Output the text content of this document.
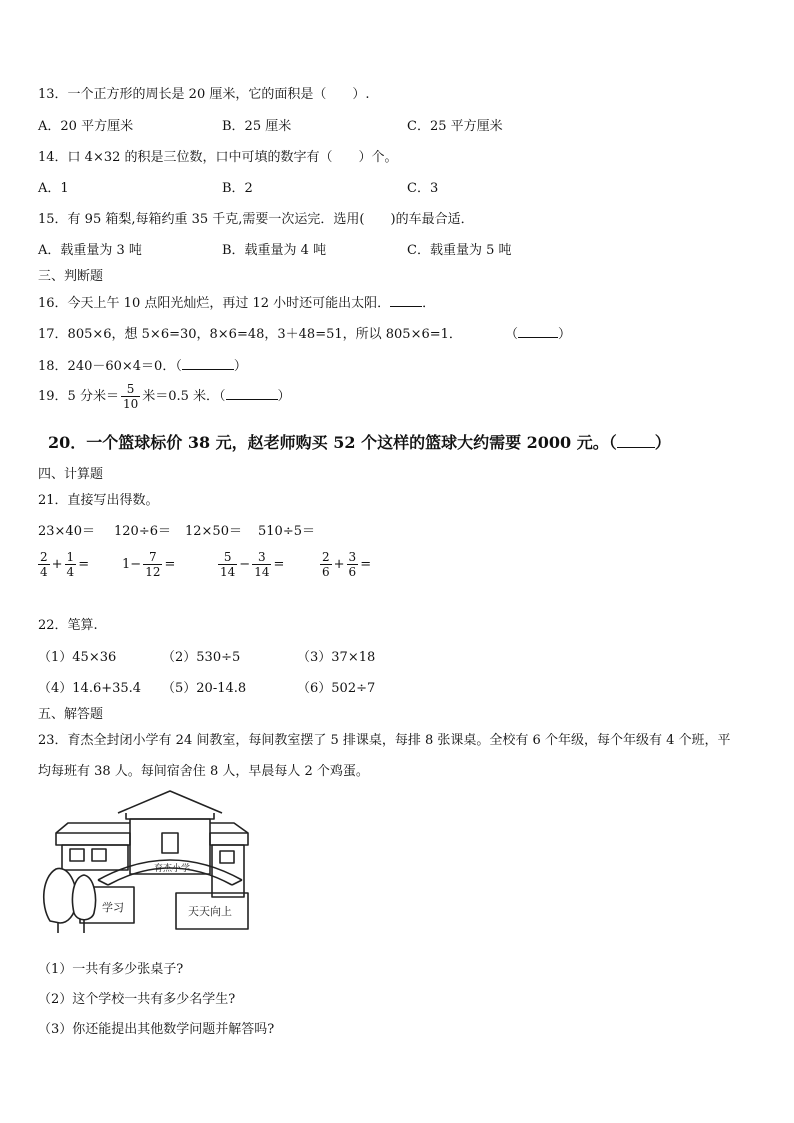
13．一个正方形的周长是 20 厘米，它的面积是（　　）.
A．20 平方厘米	B．25 厘米	C．25 平方厘米
14．口 4×32 的积是三位数，口中可填的数字有（　　）个。
A．1	B．2	C．3
15．有 95 箱梨,每箱约重 35 千克,需要一次运完．选用(　　)的车最合适．
A．载重量为 3 吨	B．载重量为 4 吨	C．载重量为 5 吨
三、判断题
16．今天上午 10 点阳光灿烂，再过 12 小时还可能出太阳． ．
17．805×6，想 5×6=30，8×6=48，3＋48=51，所以 805×6=1．	（	）
18．240－60×4＝0．（	）
19．5 分米＝ $\frac{5}{10}$ 米＝0.5 米．（	）
20．一个篮球标价 38 元，赵老师购买 52 个这样的篮球大约需要 2000 元。（ ）
四、计算题
21．直接写出得数。
23×40＝ 120÷6＝ 12×50＝ 510÷5＝
$\frac{2}{4} + \frac{1}{4}$ =	$1- \frac{7}{12}$ =	$\frac{5}{14} - \frac{3}{14}$ =	$\frac{2}{6} + \frac{3}{6}$ =
22．笔算.
（1）45×36	（2）530÷5	（3）37×18
（4）14.6+35.4 （5）20-14.8	（6）502÷7
五、解答题
23．育杰全封闭小学有 24 间教室，每间教室摆了 5 排课桌，每排 8 张课桌。全校有 6 个年级，每个年级有 4 个班，平
均每班有 38 人。每间宿舍住 8 人，早晨每人 2 个鸡蛋。
育杰小学
学习	天天向上
（1）一共有多少张桌子?
（2）这个学校一共有多少名学生?
（3）你还能提出其他数学问题并解答吗?
